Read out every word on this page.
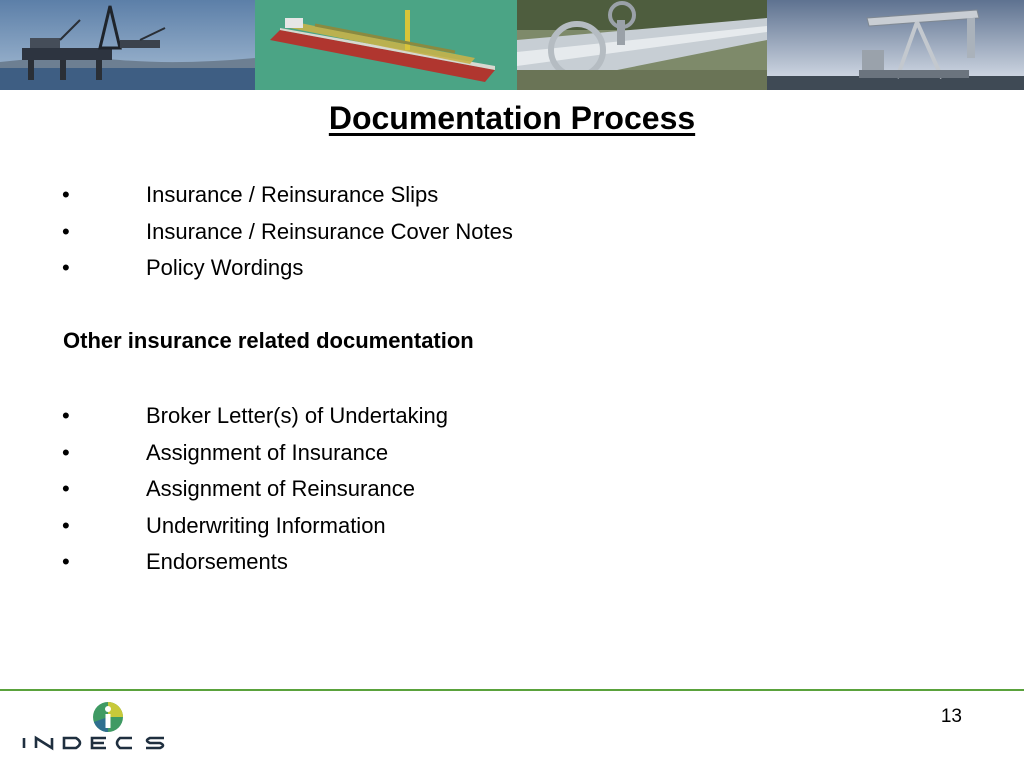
Documentation Process
•	Insurance / Reinsurance Slips
•	Insurance / Reinsurance Cover Notes
•	Policy Wordings
Other insurance related documentation
•	Broker Letter(s) of Undertaking
•	Assignment of Insurance
•	Assignment of Reinsurance
•	Underwriting Information
•	Endorsements
13
